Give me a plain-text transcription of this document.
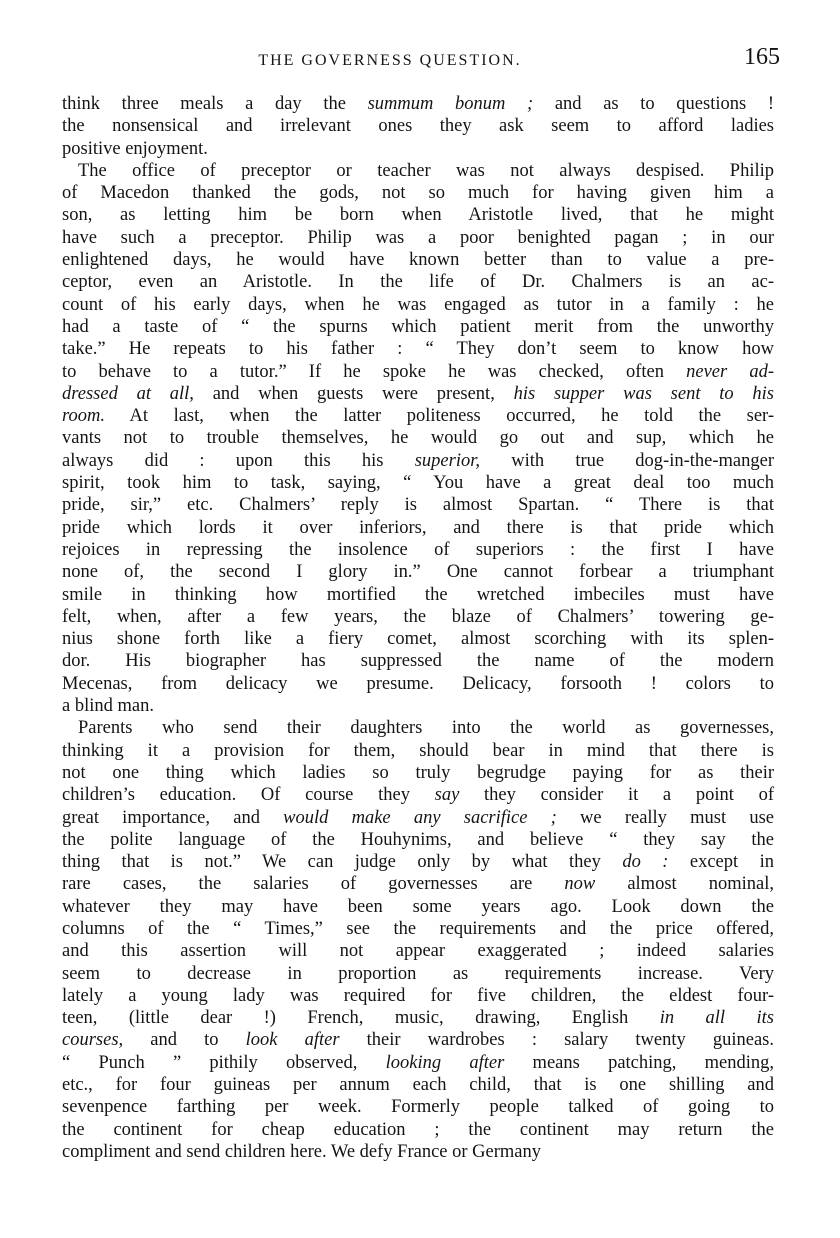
THE GOVERNESS QUESTION.	165
think three meals a day the summum bonum ; and as to questions !
the nonsensical and irrelevant ones they ask seem to afford ladies
positive enjoyment.
The office of preceptor or teacher was not always despised. Philip
of Macedon thanked the gods, not so much for having given him a
son, as letting him be born when Aristotle lived, that he might
have such a preceptor. Philip was a poor benighted pagan ; in our
enlightened days, he would have known better than to value a pre-
ceptor, even an Aristotle. In the life of Dr. Chalmers is an ac-
count of his early days, when he was engaged as tutor in a family : he
had a taste of “ the spurns which patient merit from the unworthy
take.” He repeats to his father : “ They don’t seem to know how
to behave to a tutor.” If he spoke he was checked, often never ad-
dressed at all, and when guests were present, his supper was sent to his
room. At last, when the latter politeness occurred, he told the ser-
vants not to trouble themselves, he would go out and sup, which he
always did : upon this his superior, with true dog-in-the-manger
spirit, took him to task, saying, “ You have a great deal too much
pride, sir,” etc. Chalmers’ reply is almost Spartan. “ There is that
pride which lords it over inferiors, and there is that pride which
rejoices in repressing the insolence of superiors : the first I have
none of, the second I glory in.” One cannot forbear a triumphant
smile in thinking how mortified the wretched imbeciles must have
felt, when, after a few years, the blaze of Chalmers’ towering ge-
nius shone forth like a fiery comet, almost scorching with its splen-
dor. His biographer has suppressed the name of the modern
Mecenas, from delicacy we presume. Delicacy, forsooth ! colors to
a blind man.
Parents who send their daughters into the world as governesses,
thinking it a provision for them, should bear in mind that there is
not one thing which ladies so truly begrudge paying for as their
children’s education. Of course they say they consider it a point of
great importance, and would make any sacrifice ; we really must use
the polite language of the Houhynims, and believe “ they say the
thing that is not.” We can judge only by what they do : except in
rare cases, the salaries of governesses are now almost nominal,
whatever they may have been some years ago. Look down the
columns of the “ Times,” see the requirements and the price offered,
and this assertion will not appear exaggerated ; indeed salaries
seem to decrease in proportion as requirements increase. Very
lately a young lady was required for five children, the eldest four-
teen, (little dear !) French, music, drawing, English in all its
courses, and to look after their wardrobes : salary twenty guineas.
“ Punch ” pithily observed, looking after means patching, mending,
etc., for four guineas per annum each child, that is one shilling and
sevenpence farthing per week. Formerly people talked of going to
the continent for cheap education ; the continent may return the
compliment and send children here. We defy France or Germany
